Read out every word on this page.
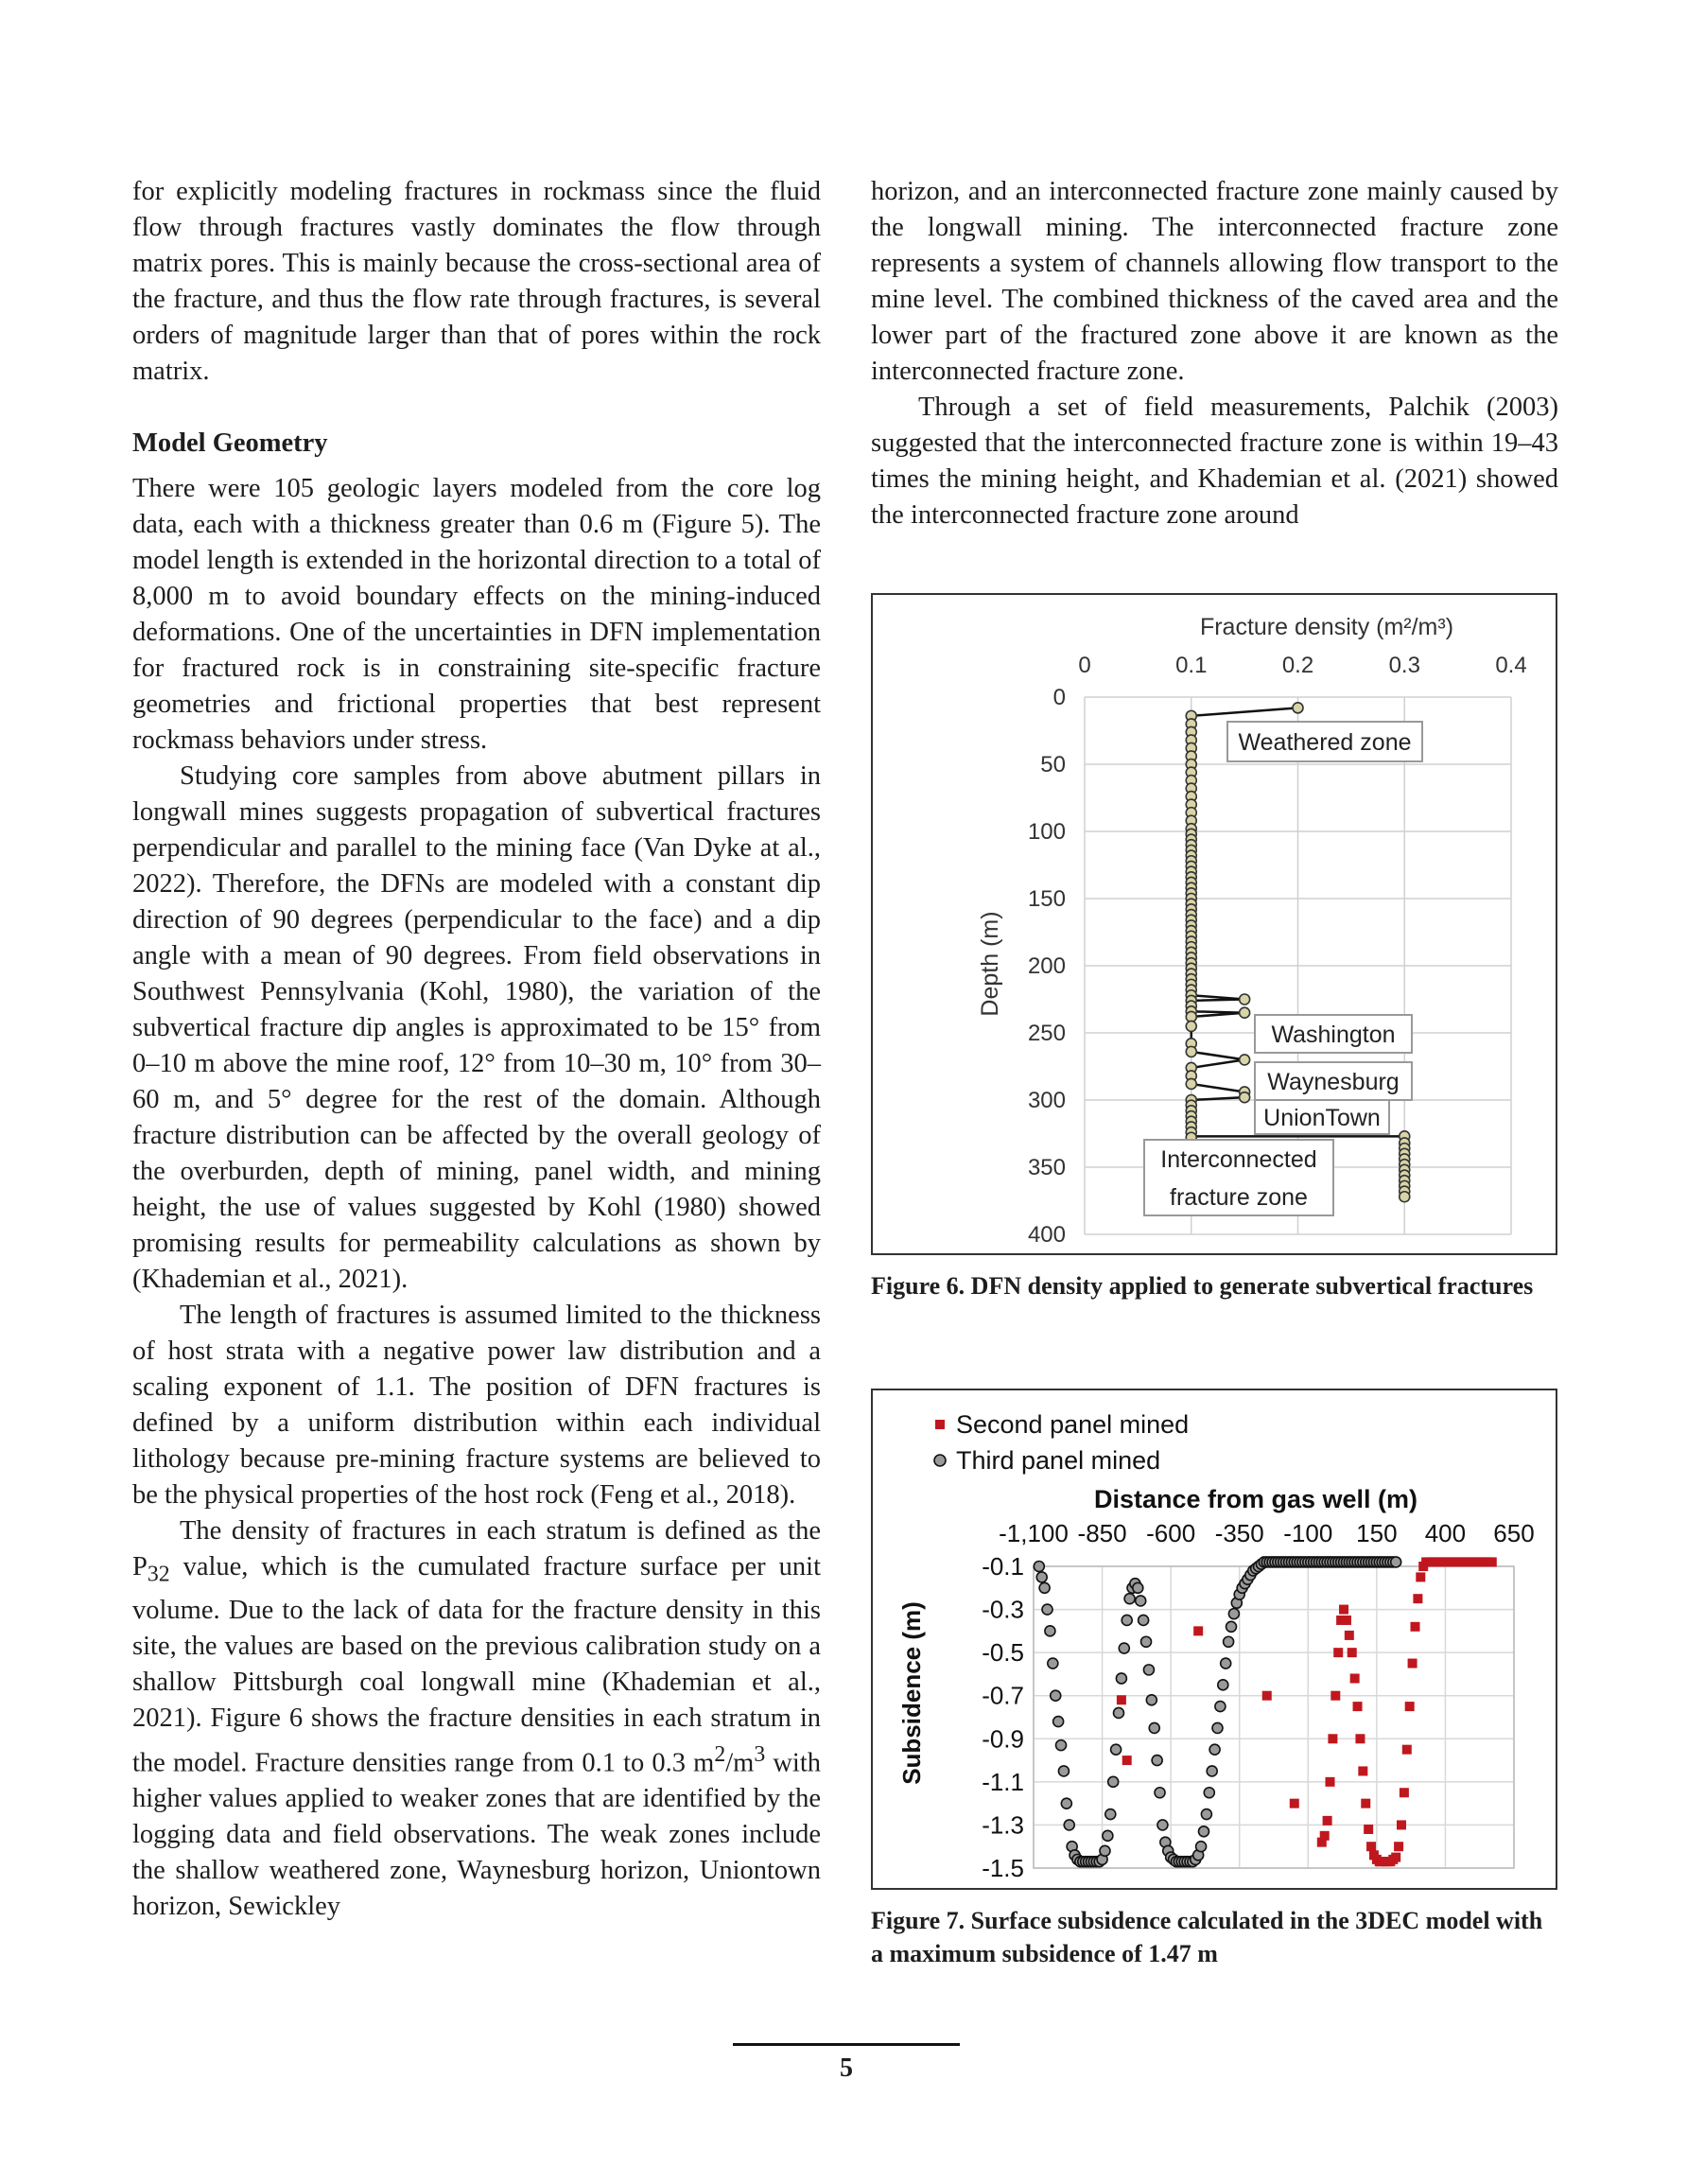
for explicitly modeling fractures in rockmass since the fluid flow through fractures vastly dominates the flow through matrix pores. This is mainly because the cross-sectional area of the fracture, and thus the flow rate through fractures, is several orders of magnitude larger than that of pores within the rock matrix.

Model Geometry

There were 105 geologic layers modeled from the core log data, each with a thickness greater than 0.6 m (Figure 5). The model length is extended in the horizontal direction to a total of 8,000 m to avoid boundary effects on the mining-induced deformations. One of the uncertainties in DFN implementation for fractured rock is in constraining site-specific fracture geometries and frictional properties that best represent rockmass behaviors under stress.

Studying core samples from above abutment pillars in longwall mines suggests propagation of subvertical fractures perpendicular and parallel to the mining face (Van Dyke at al., 2022). Therefore, the DFNs are modeled with a constant dip direction of 90 degrees (perpendicular to the face) and a dip angle with a mean of 90 degrees. From field observations in Southwest Pennsylvania (Kohl, 1980), the variation of the subvertical fracture dip angles is approximated to be 15° from 0–10 m above the mine roof, 12° from 10–30 m, 10° from 30–60 m, and 5° degree for the rest of the domain. Although fracture distribution can be affected by the overall geology of the overburden, depth of mining, panel width, and mining height, the use of values suggested by Kohl (1980) showed promising results for permeability calculations as shown by (Khademian et al., 2021).

The length of fractures is assumed limited to the thickness of host strata with a negative power law distribution and a scaling exponent of 1.1. The position of DFN fractures is defined by a uniform distribution within each individual lithology because pre-mining fracture systems are believed to be the physical properties of the host rock (Feng et al., 2018).

The density of fractures in each stratum is defined as the $P_{32}$ value, which is the cumulated fracture surface per unit volume. Due to the lack of data for the fracture density in this site, the values are based on the previous calibration study on a shallow Pittsburgh coal longwall mine (Khademian et al., 2021). Figure 6 shows the fracture densities in each stratum in the model. Fracture densities range from 0.1 to 0.3 $m^2/m^3$ with higher values applied to weaker zones that are identified by the logging data and field observations. The weak zones include the shallow weathered zone, Waynesburg horizon, Uniontown horizon, Sewickley

horizon, and an interconnected fracture zone mainly caused by the longwall mining. The interconnected fracture zone represents a system of channels allowing flow transport to the mine level. The combined thickness of the caved area and the lower part of the fractured zone above it are known as the interconnected fracture zone.

Through a set of field measurements, Palchik (2003) suggested that the interconnected fracture zone is within 19–43 times the mining height, and Khademian et al. (2021) showed the interconnected fracture zone around

Fracture density (m²/m³)
Depth (m)
0	0.1	0.2	0.3	0.4
0
50
100
150
200
250
300
350
400
Weathered zone
Washington
Waynesburg
UnionTown
Interconnected
fracture zone
Figure 6. DFN density applied to generate subvertical fractures
Second panel mined
Third panel mined
Distance from gas well (m)
Subsidence (m)
-1,100 -850 -600 -350 -100 150 400 650
-0.1
-0.3
-0.5
-0.7
-0.9
-1.1
-1.3
-1.5
Figure 7. Surface subsidence calculated in the 3DEC model with a maximum subsidence of 1.47 m
5
